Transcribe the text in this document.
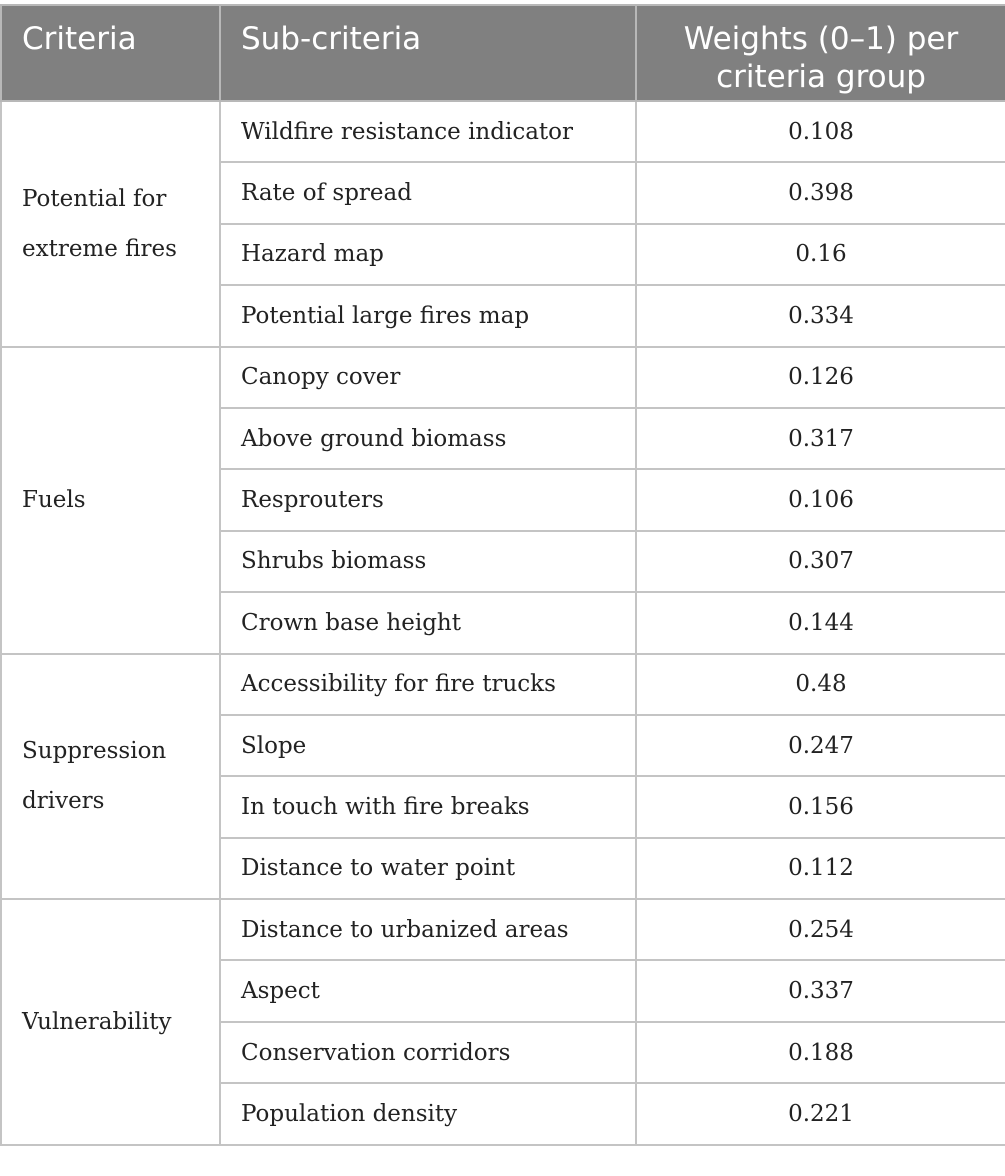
Criteria	Sub-criteria	Weights (0–1) per criteria group
Potential for extreme fires	Wildfire resistance indicator	0.108
	Rate of spread	0.398
	Hazard map	0.16
	Potential large fires map	0.334
Fuels	Canopy cover	0.126
	Above ground biomass	0.317
	Resprouters	0.106
	Shrubs biomass	0.307
	Crown base height	0.144
Suppression drivers	Accessibility for fire trucks	0.48
	Slope	0.247
	In touch with fire breaks	0.156
	Distance to water point	0.112
Vulnerability	Distance to urbanized areas	0.254
	Aspect	0.337
	Conservation corridors	0.188
	Population density	0.221
